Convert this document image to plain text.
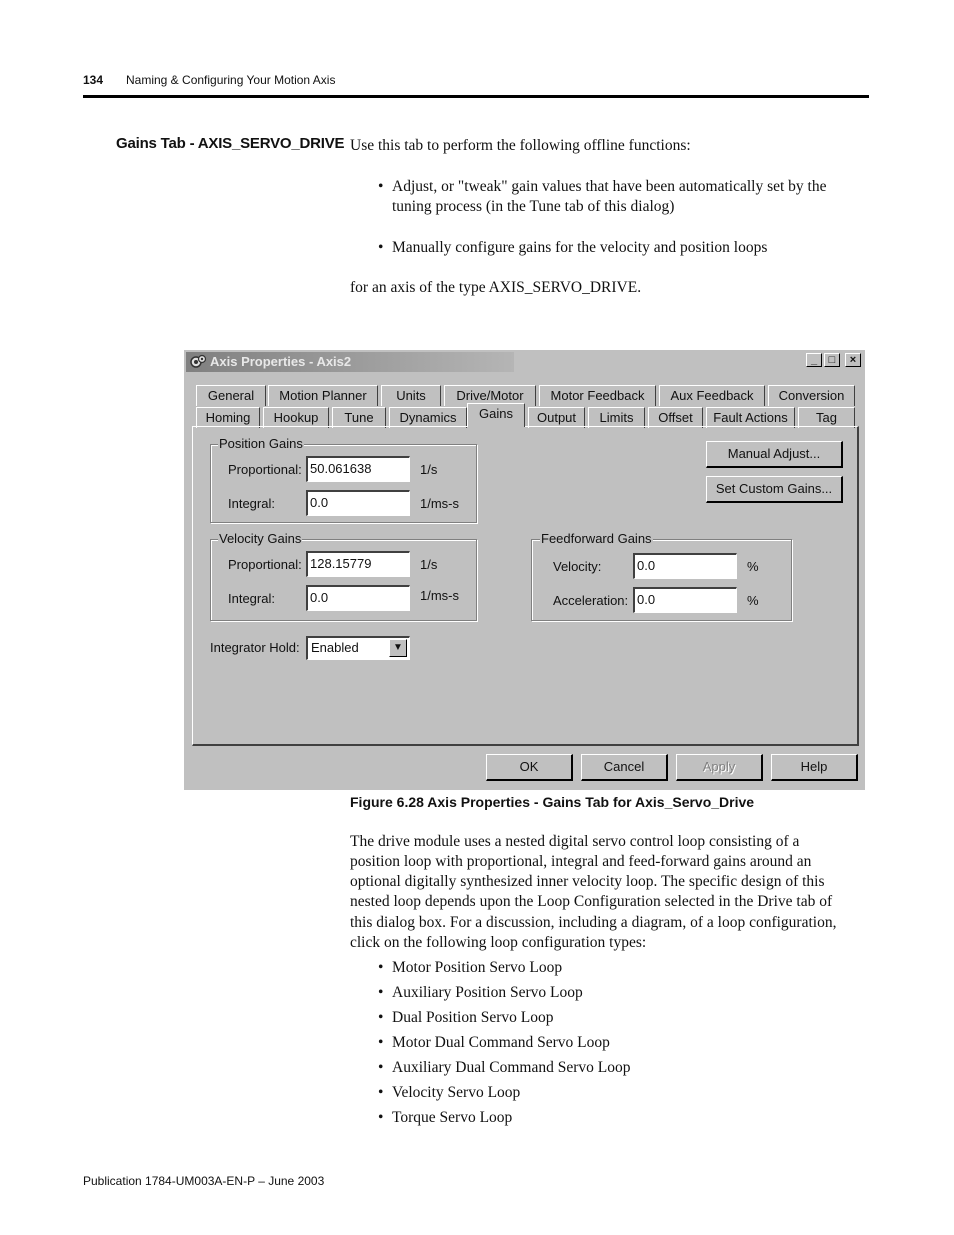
134 Naming & Configuring Your Motion Axis
Gains Tab - AXIS_SERVO_DRIVE Use this tab to perform the following offline functions:
• Adjust, or "tweak" gain values that have been automatically set by the
tuning process (in the Tune tab of this dialog)
• Manually configure gains for the velocity and position loops
for an axis of the type AXIS_SERVO_DRIVE.
Axis Properties - Axis2	_	□	×
General	Motion Planner	Units	Drive/Motor	Motor Feedback	Aux Feedback	Conversion
Homing	Hookup	Tune	Dynamics	Gains	Output	Limits	Offset	Fault Actions	Tag
Position Gains
Proportional: 50.061638	1/s
Integral:	0.0	1/ms-s
Velocity Gains
Proportional: 128.15779	1/s
Integral:	0.0	1/ms-s
Feedforward Gains
Velocity:	0.0	%
Acceleration: 0.0	%
Manual Adjust...
Set Custom Gains...
Integrator Hold: Enabled	▼
OK	Cancel	Apply	Help
Figure 6.28 Axis Properties - Gains Tab for Axis_Servo_Drive
The drive module uses a nested digital servo control loop consisting of a
position loop with proportional, integral and feed-forward gains around an
optional digitally synthesized inner velocity loop. The specific design of this
nested loop depends upon the Loop Configuration selected in the Drive tab of
this dialog box. For a discussion, including a diagram, of a loop configuration,
click on the following loop configuration types:
• Motor Position Servo Loop
• Auxiliary Position Servo Loop
• Dual Position Servo Loop
• Motor Dual Command Servo Loop
• Auxiliary Dual Command Servo Loop
• Velocity Servo Loop
• Torque Servo Loop
Publication 1784-UM003A-EN-P – June 2003
